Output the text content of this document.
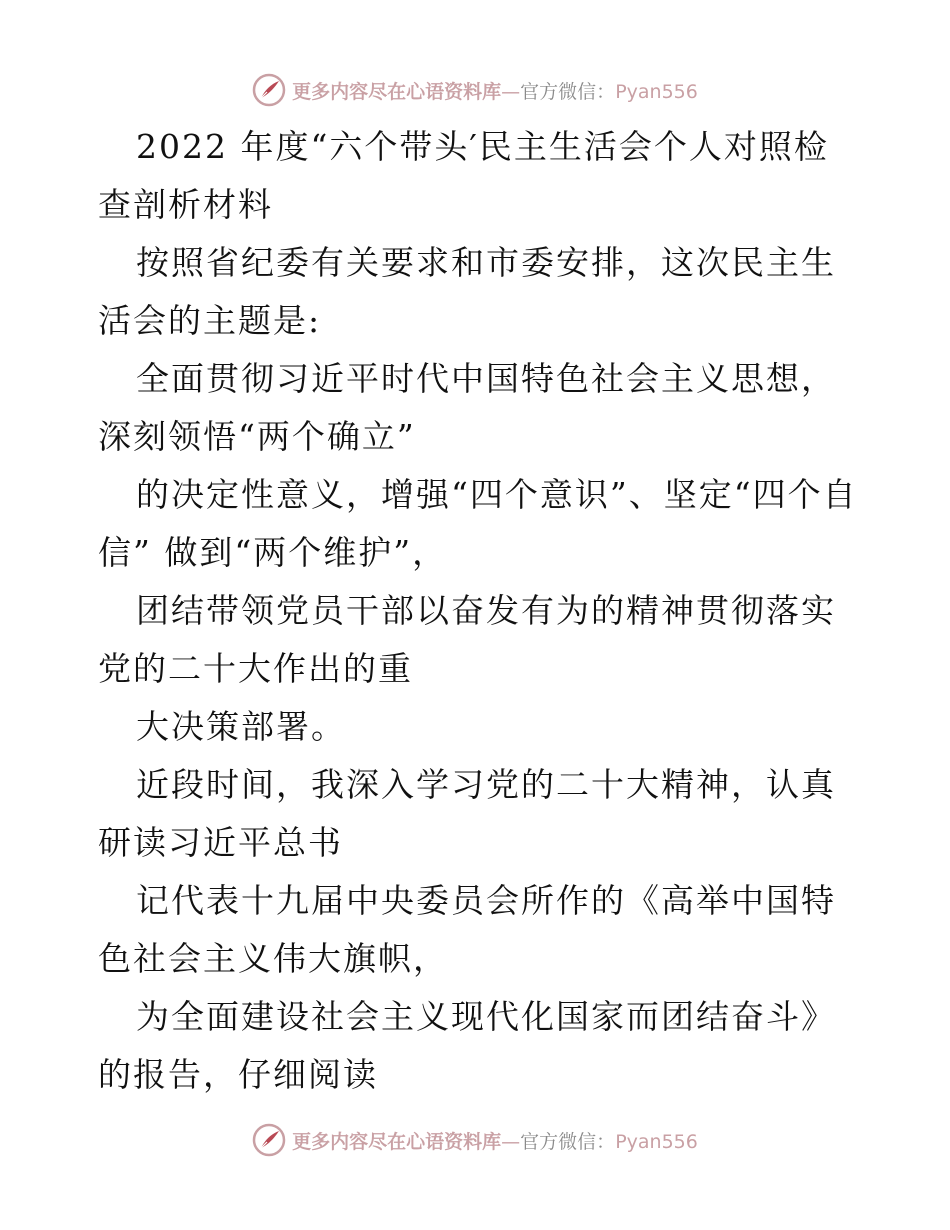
更多内容尽在心语资料库—官方微信：Pyan556

2022 年度“六个带头′民主生活会个人对照检查剖析材料

按照省纪委有关要求和市委安排，这次民主生活会的主题是:

全面贯彻习近平时代中国特色社会主义思想，深刻领悟“两个确立”

的决定性意义，增强“四个意识”、坚定“四个自信” 做到“两个维护”，

团结带领党员干部以奋发有为的精神贯彻落实党的二十大作出的重

大决策部署。

近段时间，我深入学习党的二十大精神，认真研读习近平总书

记代表十九届中央委员会所作的《高举中国特色社会主义伟大旗帜，

为全面建设社会主义现代化国家而团结奋斗》的报告，仔细阅读

更多内容尽在心语资料库—官方微信：Pyan556
